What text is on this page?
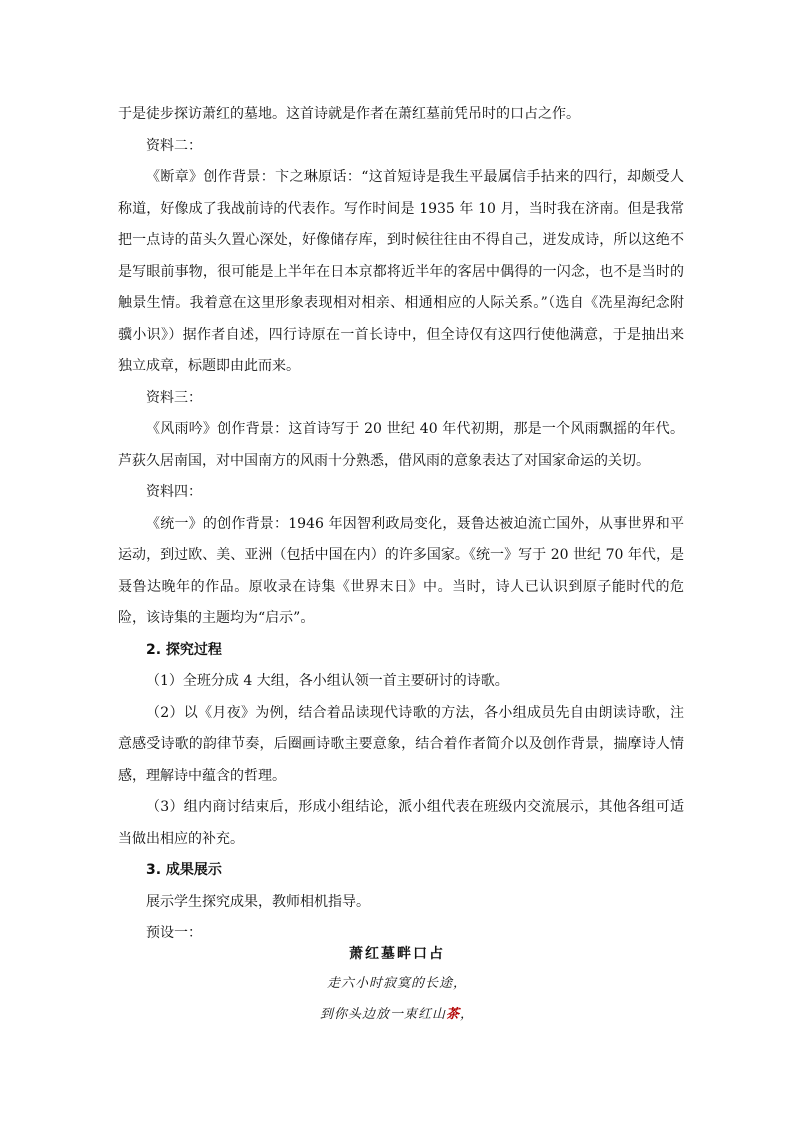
于是徒步探访萧红的墓地。这首诗就是作者在萧红墓前凭吊时的口占之作。

资料二：

《断章》创作背景：卞之琳原话：“这首短诗是我生平最属信手拈来的四行，却颇受人称道，好像成了我战前诗的代表作。写作时间是 1935 年 10 月，当时我在济南。但是我常把一点诗的苗头久置心深处，好像储存库，到时候往往由不得自己，迸发成诗，所以这绝不是写眼前事物，很可能是上半年在日本京都将近半年的客居中偶得的一闪念，也不是当时的触景生情。我着意在这里形象表现相对相亲、相通相应的人际关系。”（选自《冼星海纪念附骥小识》）据作者自述，四行诗原在一首长诗中，但全诗仅有这四行使他满意，于是抽出来独立成章，标题即由此而来。

资料三：

《风雨吟》创作背景：这首诗写于 20 世纪 40 年代初期，那是一个风雨飘摇的年代。芦荻久居南国，对中国南方的风雨十分熟悉，借风雨的意象表达了对国家命运的关切。

资料四：

《统一》的创作背景：1946 年因智利政局变化，聂鲁达被迫流亡国外，从事世界和平运动，到过欧、美、亚洲（包括中国在内）的许多国家。《统一》写于 20 世纪 70 年代，是聂鲁达晚年的作品。原收录在诗集《世界末日》中。当时，诗人已认识到原子能时代的危险，该诗集的主题均为“启示”。

2. 探究过程

（1）全班分成 4 大组，各小组认领一首主要研讨的诗歌。

（2）以《月夜》为例，结合着品读现代诗歌的方法，各小组成员先自由朗读诗歌，注意感受诗歌的韵律节奏，后圈画诗歌主要意象，结合着作者简介以及创作背景，揣摩诗人情感，理解诗中蕴含的哲理。

（3）组内商讨结束后，形成小组结论，派小组代表在班级内交流展示，其他各组可适当做出相应的补充。

3. 成果展示

展示学生探究成果，教师相机指导。

预设一：

萧红墓畔口占

走六小时寂寞的长途，

到你头边放一束红山茶，
